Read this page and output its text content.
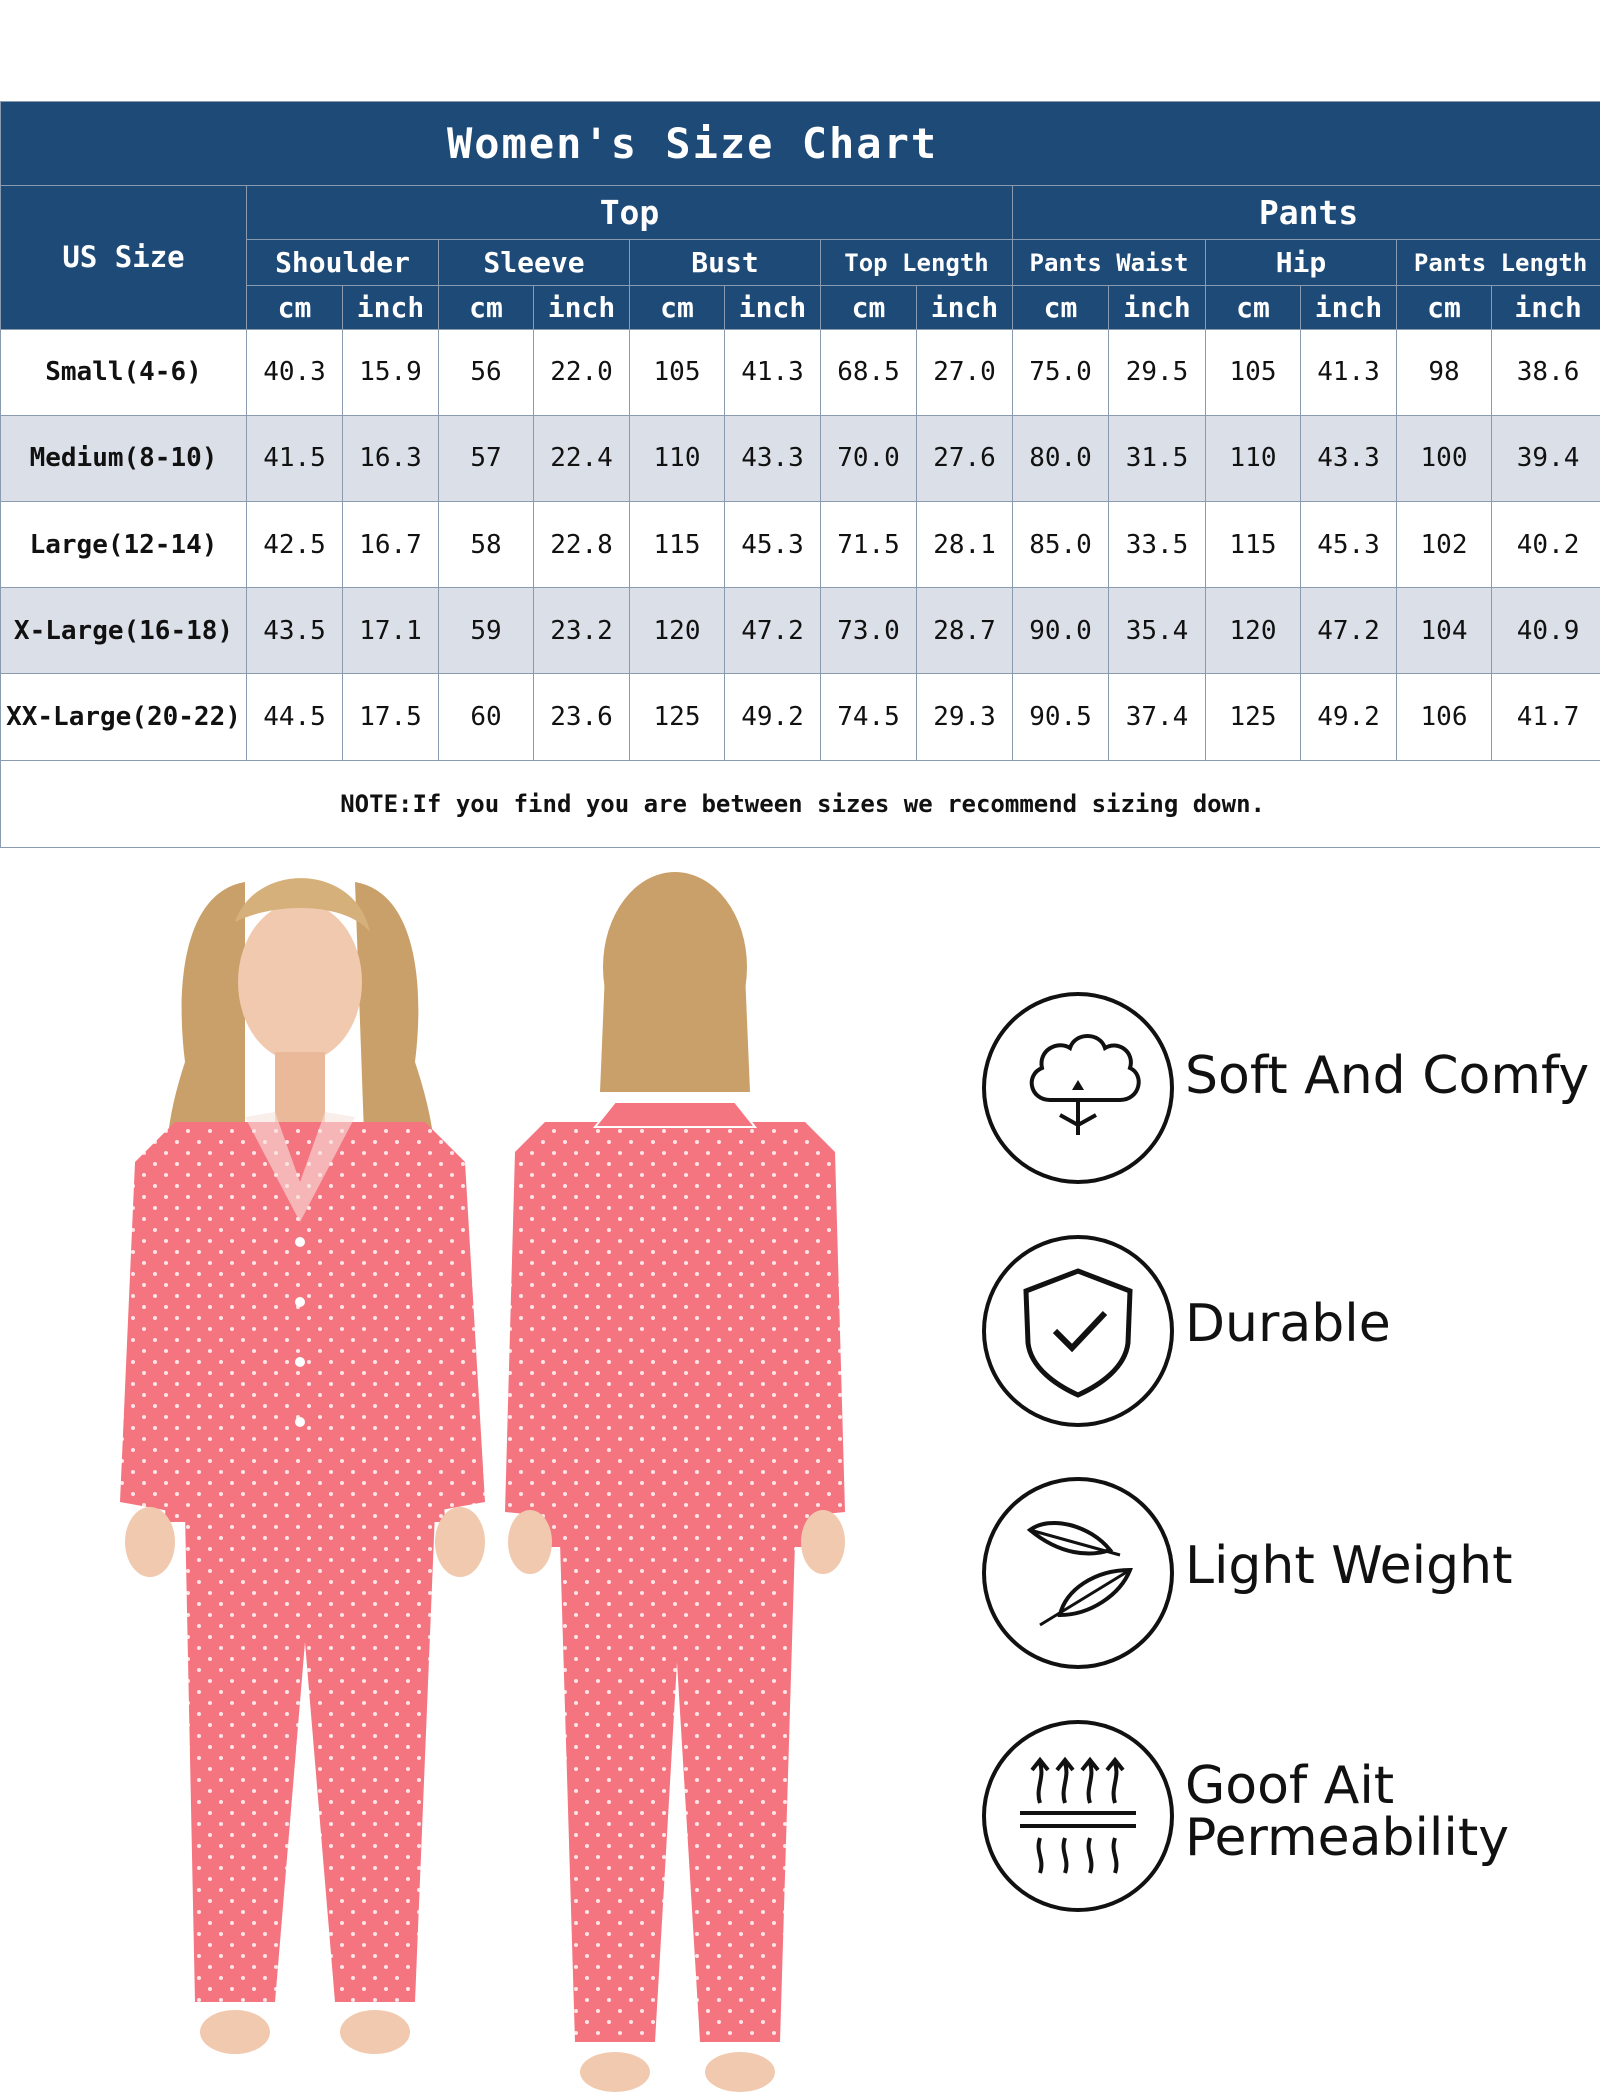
Women's Size Chart														
US Size	Top								Pants					
	Shoulder		Sleeve		Bust		Top Length		Pants Waist		Hip		Pants Length	
	cm	inch	cm	inch	cm	inch	cm	inch	cm	inch	cm	inch	cm	inch
Small(4-6)	40.3	15.9	56	22.0	105	41.3	68.5	27.0	75.0	29.5	105	41.3	98	38.6
Medium(8-10)	41.5	16.3	57	22.4	110	43.3	70.0	27.6	80.0	31.5	110	43.3	100	39.4
Large(12-14)	42.5	16.7	58	22.8	115	45.3	71.5	28.1	85.0	33.5	115	45.3	102	40.2
X-Large(16-18)	43.5	17.1	59	23.2	120	47.2	73.0	28.7	90.0	35.4	120	47.2	104	40.9
XX-Large(20-22)	44.5	17.5	60	23.6	125	49.2	74.5	29.3	90.5	37.4	125	49.2	106	41.7
NOTE:If you find you are between sizes we recommend sizing down.														
Soft And Comfy
Durable
Light Weight
Goof Ait Permeability
